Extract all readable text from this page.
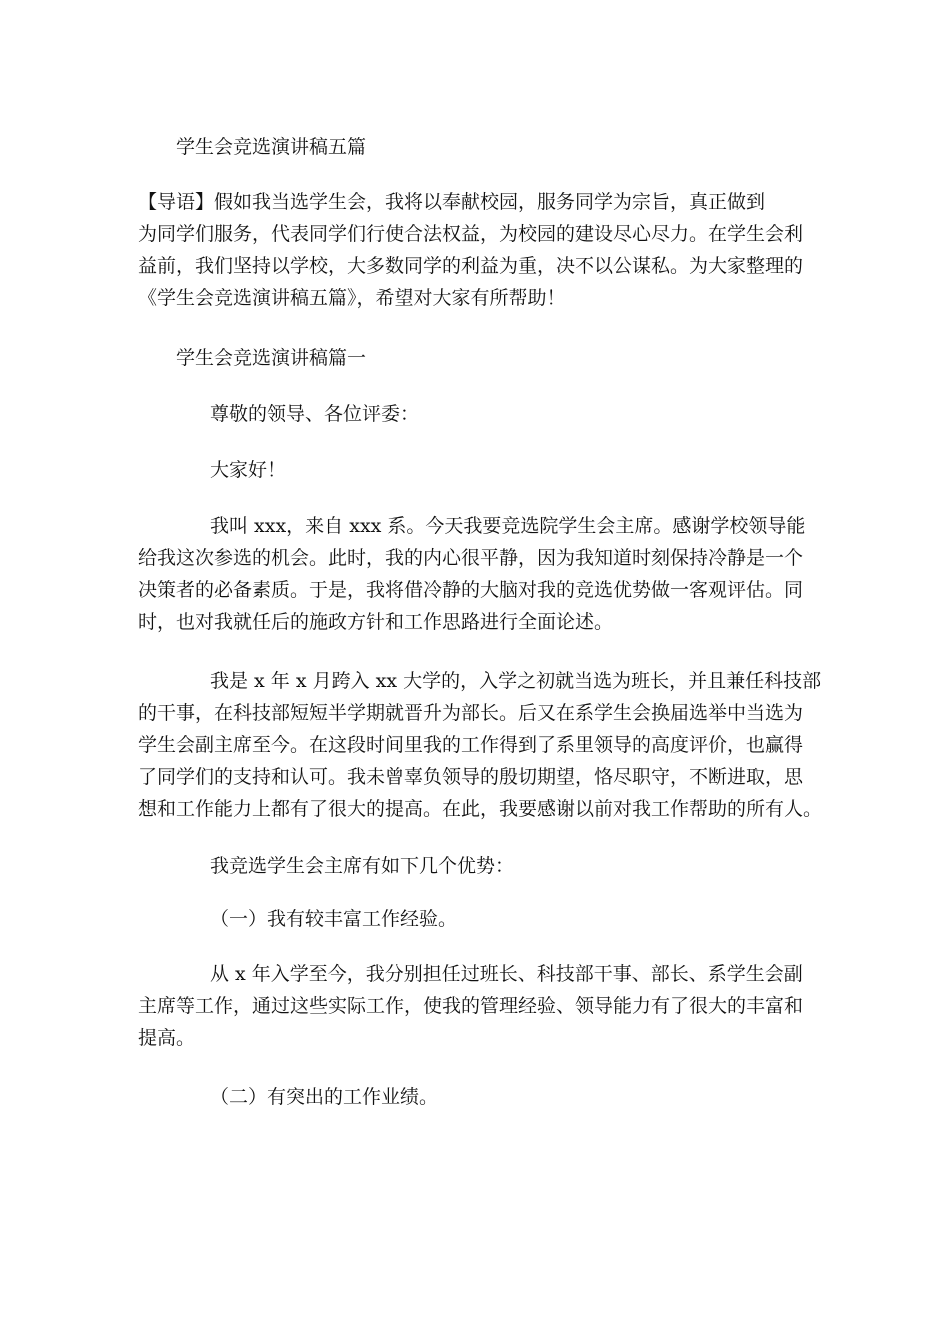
学生会竞选演讲稿五篇

【导语】假如我当选学生会，我将以奉献校园，服务同学为宗旨，真正做到
为同学们服务，代表同学们行使合法权益，为校园的建设尽心尽力。在学生会利
益前，我们坚持以学校，大多数同学的利益为重，决不以公谋私。为大家整理的
《学生会竞选演讲稿五篇》，希望对大家有所帮助！

学生会竞选演讲稿篇一

尊敬的领导、各位评委：

大家好！

我叫 xxx，来自 xxx 系。今天我要竞选院学生会主席。感谢学校领导能
给我这次参选的机会。此时，我的内心很平静，因为我知道时刻保持冷静是一个
决策者的必备素质。于是，我将借冷静的大脑对我的竞选优势做一客观评估。同
时，也对我就任后的施政方针和工作思路进行全面论述。
我是 x 年 x 月跨入 xx 大学的，入学之初就当选为班长，并且兼任科技部
的干事，在科技部短短半学期就晋升为部长。后又在系学生会换届选举中当选为
学生会副主席至今。在这段时间里我的工作得到了系里领导的高度评价，也赢得
了同学们的支持和认可。我未曾辜负领导的殷切期望，恪尽职守，不断进取，思
想和工作能力上都有了很大的提高。在此，我要感谢以前对我工作帮助的所有人。

我竞选学生会主席有如下几个优势：

（一）我有较丰富工作经验。

从 x 年入学至今，我分别担任过班长、科技部干事、部长、系学生会副
主席等工作，通过这些实际工作，使我的管理经验、领导能力有了很大的丰富和
提高。

（二）有突出的工作业绩。
